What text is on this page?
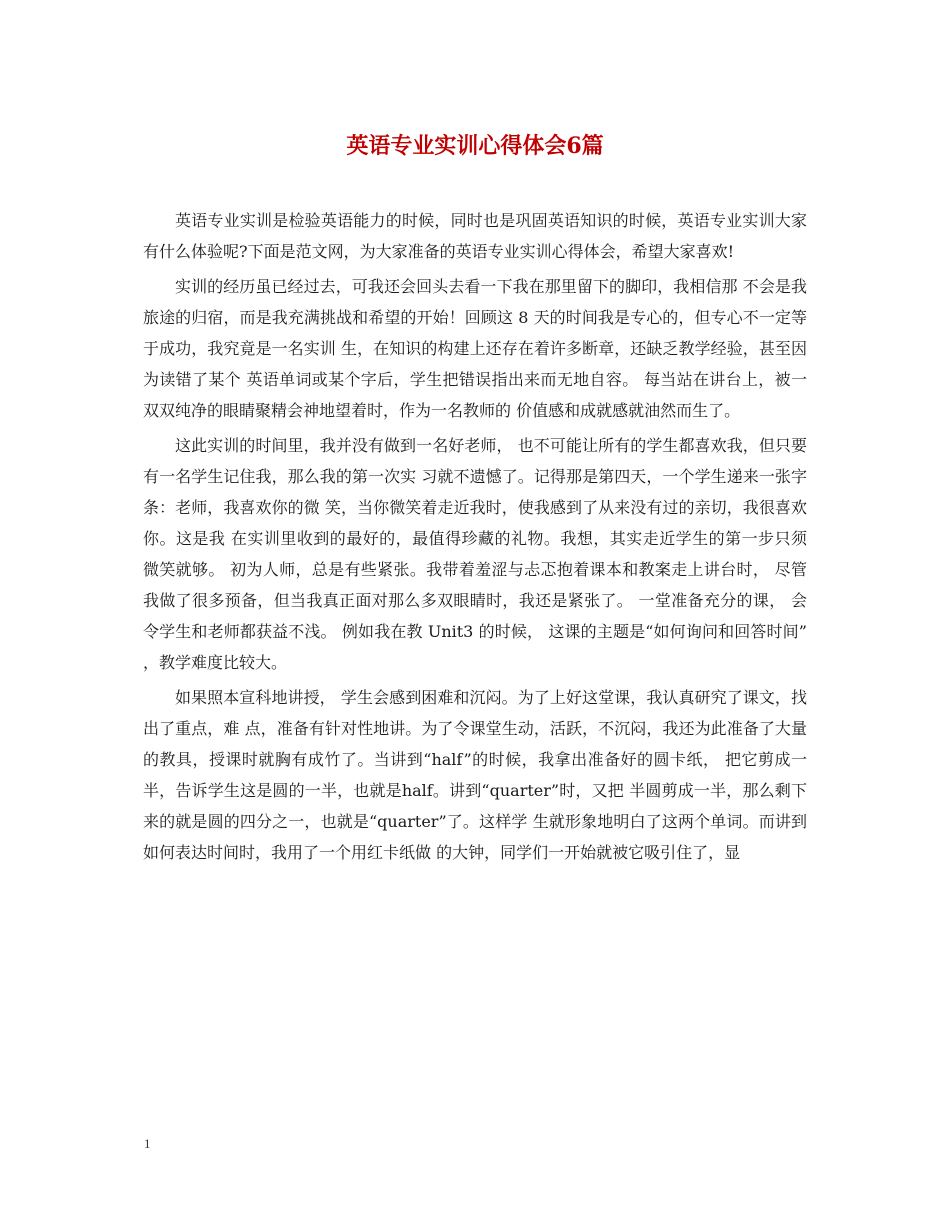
英语专业实训心得体会6篇

英语专业实训是检验英语能力的时候，同时也是巩固英语知识的时候，英语专业实训大家有什么体验呢?下面是范文网，为大家准备的英语专业实训心得体会，希望大家喜欢!

实训的经历虽已经过去，可我还会回头去看一下我在那里留下的脚印，我相信那 不会是我旅途的归宿，而是我充满挑战和希望的开始！回顾这 8 天的时间我是专心的，但专心不一定等于成功，我究竟是一名实训 生，在知识的构建上还存在着许多断章，还缺乏教学经验，甚至因为读错了某个 英语单词或某个字后，学生把错误指出来而无地自容。 每当站在讲台上，被一双双纯净的眼睛聚精会神地望着时，作为一名教师的 价值感和成就感就油然而生了。

这此实训的时间里，我并没有做到一名好老师， 也不可能让所有的学生都喜欢我，但只要有一名学生记住我，那么我的第一次实 习就不遗憾了。记得那是第四天，一个学生递来一张字条：老师，我喜欢你的微 笑，当你微笑着走近我时，使我感到了从来没有过的亲切，我很喜欢你。这是我 在实训里收到的最好的，最值得珍藏的礼物。我想，其实走近学生的第一步只须 微笑就够。 初为人师，总是有些紧张。我带着羞涩与忐忑抱着课本和教案走上讲台时， 尽管我做了很多预备，但当我真正面对那么多双眼睛时，我还是紧张了。 一堂准备充分的课， 会令学生和老师都获益不浅。 例如我在教 Unit3 的时候， 这课的主题是“如何询问和回答时间” ，教学难度比较大。

如果照本宣科地讲授， 学生会感到困难和沉闷。为了上好这堂课，我认真研究了课文，找出了重点，难 点，准备有针对性地讲。为了令课堂生动，活跃，不沉闷，我还为此准备了大量 的教具，授课时就胸有成竹了。当讲到“half”的时候，我拿出准备好的圆卡纸， 把它剪成一半，告诉学生这是圆的一半，也就是half。讲到“quarter”时，又把 半圆剪成一半，那么剩下来的就是圆的四分之一，也就是“quarter”了。这样学 生就形象地明白了这两个单词。而讲到如何表达时间时，我用了一个用红卡纸做 的大钟，同学们一开始就被它吸引住了，显

1
